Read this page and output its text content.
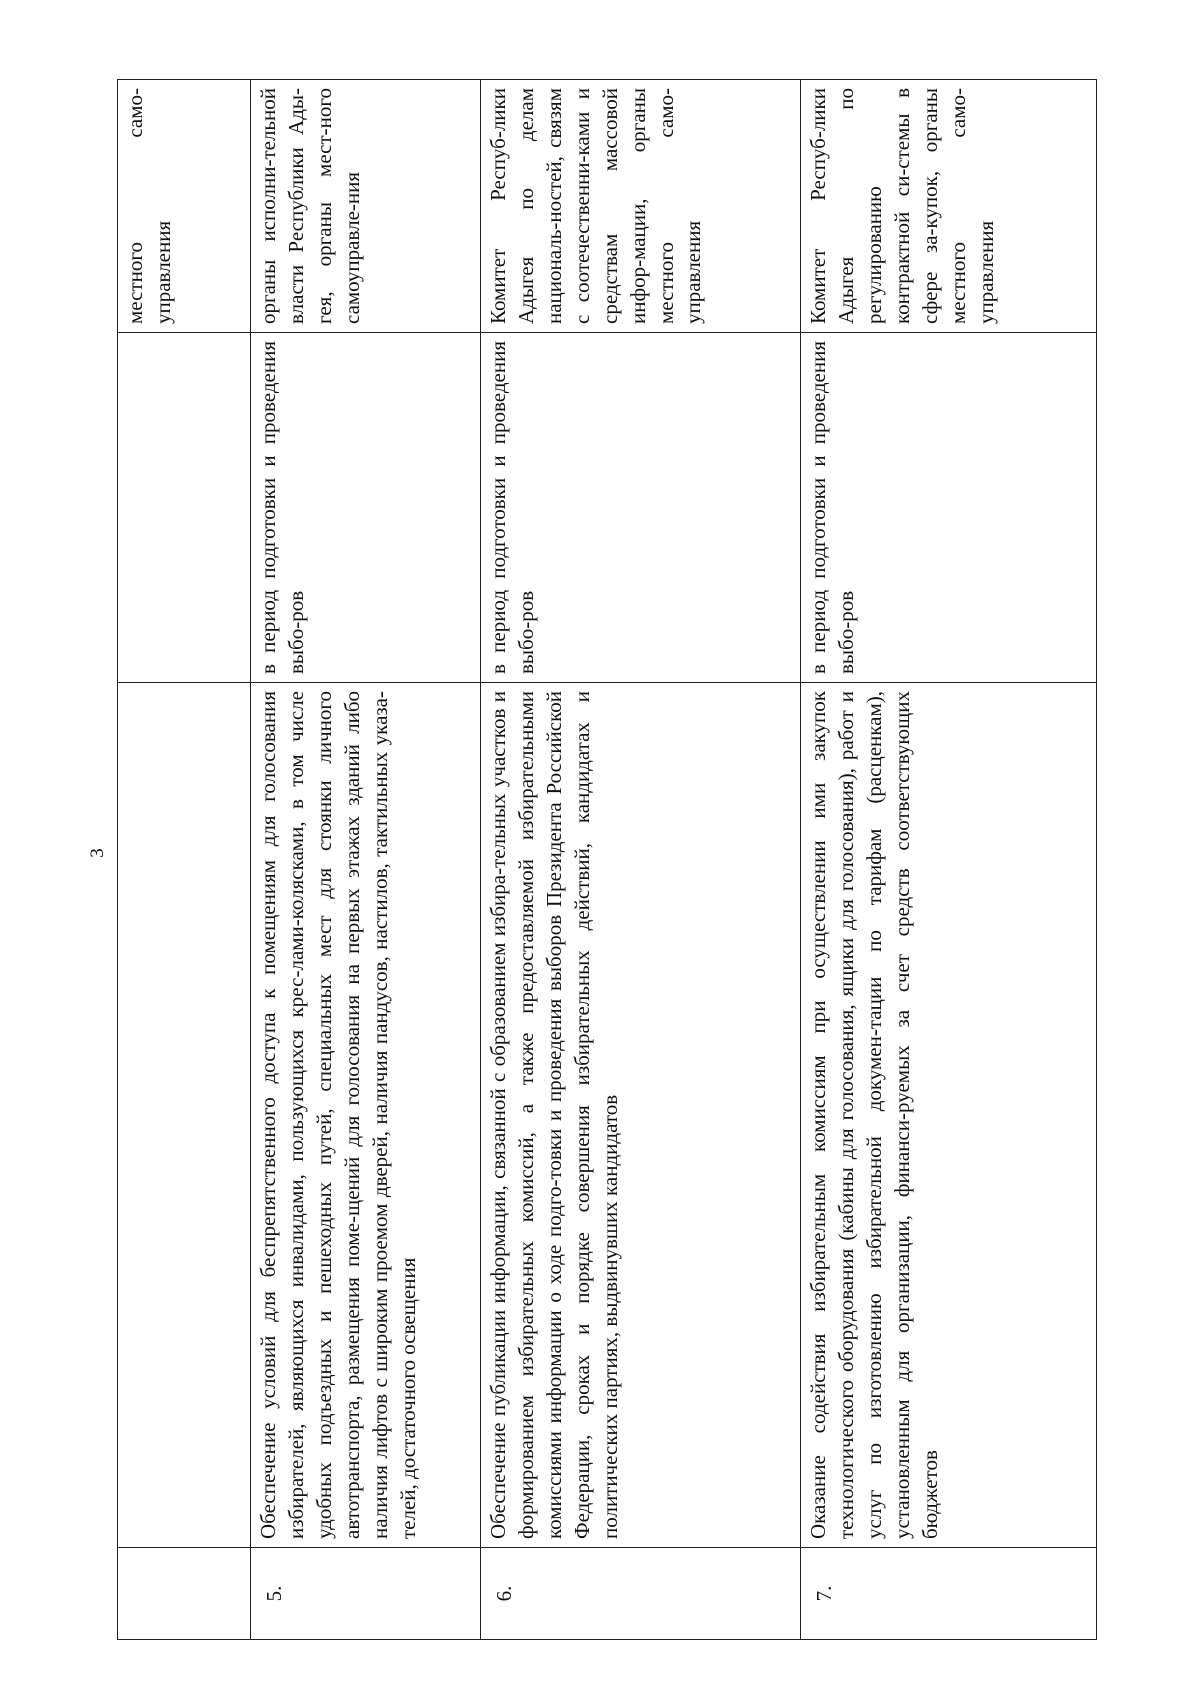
3
			местного само-управления
5.	Обеспечение условий для беспрепятственного доступа к помещениям для голосования избирателей, являющихся инвалидами, пользующихся крес-лами-колясками, в том числе удобных подъездных и пешеходных путей, специальных мест для стоянки личного автотранспорта, размещения поме-щений для голосования на первых этажах зданий либо наличия лифтов с широким проемом дверей, наличия пандусов, настилов, тактильных указа-телей, достаточного освещения	в период подготовки и проведения выбо-ров	органы исполни-тельной власти Республики Ады-гея, органы мест-ного самоуправле-ния
6.	Обеспечение публикации информации, связанной с образованием избира-тельных участков и формированием избирательных комиссий, а также предоставляемой избирательными комиссиями информации о ходе подго-товки и проведения выборов Президента Российской Федерации, сроках и порядке совершения избирательных действий, кандидатах и политических партиях, выдвинувших кандидатов	в период подготовки и проведения выбо-ров	Комитет Респуб-лики Адыгея по делам националь-ностей, связям с соотечественни-ками и средствам массовой инфор-мации, органы местного само-управления
7.	Оказание содействия избирательным комиссиям при осуществлении ими закупок технологического оборудования (кабины для голосования, ящики для голосования), работ и услуг по изготовлению избирательной докумен-тации по тарифам (расценкам), установленным для организации, финанси-руемых за счет средств соответствующих бюджетов	в период подготовки и проведения выбо-ров	Комитет Респуб-лики Адыгея по регулированию контрактной си-стемы в сфере за-купок, органы местного само-управления
